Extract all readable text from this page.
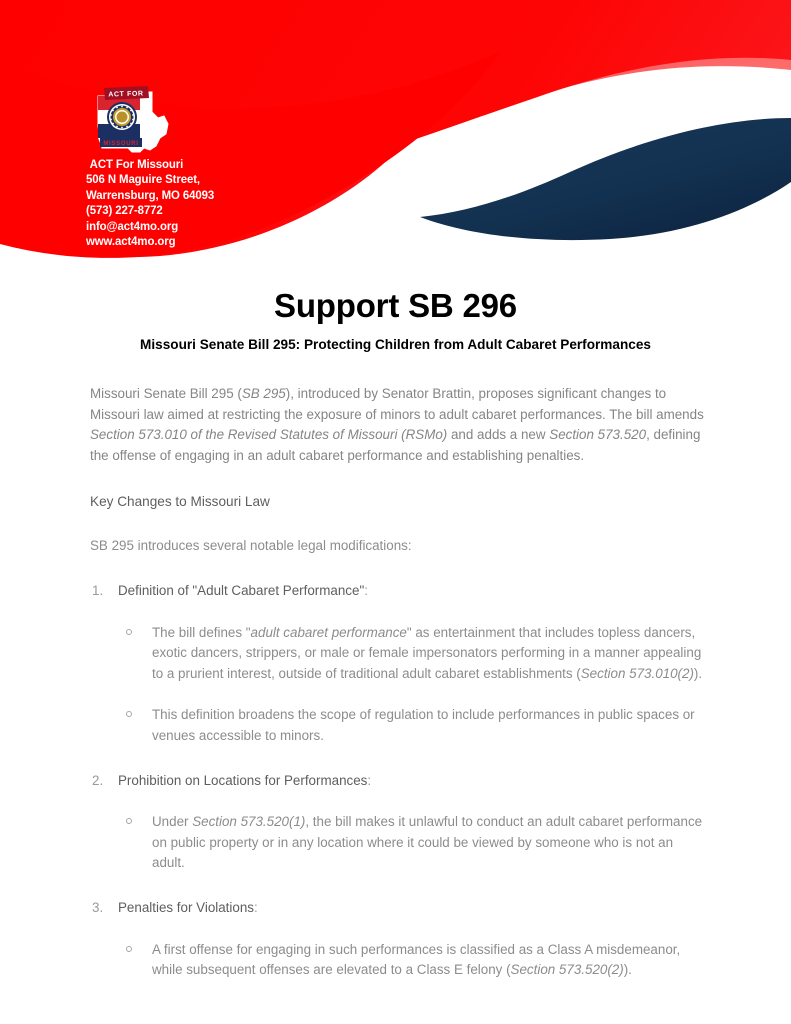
ACT FOR
MISSOURI
ACT For Missouri
506 N Maguire Street,
Warrensburg, MO 64093
(573) 227-8772
info@act4mo.org
www.act4mo.org
Support SB 296
Missouri Senate Bill 295: Protecting Children from Adult Cabaret Performances

Missouri Senate Bill 295 (SB 295), introduced by Senator Brattin, proposes significant changes to Missouri law aimed at restricting the exposure of minors to adult cabaret performances. The bill amends Section 573.010 of the Revised Statutes of Missouri (RSMo) and adds a new Section 573.520, defining the offense of engaging in an adult cabaret performance and establishing penalties.

Key Changes to Missouri Law

SB 295 introduces several notable legal modifications:

1. Definition of "Adult Cabaret Performance":
The bill defines "adult cabaret performance" as entertainment that includes topless dancers, exotic dancers, strippers, or male or female impersonators performing in a manner appealing to a prurient interest, outside of traditional adult cabaret establishments (Section 573.010(2)).
This definition broadens the scope of regulation to include performances in public spaces or venues accessible to minors.
2. Prohibition on Locations for Performances:
Under Section 573.520(1), the bill makes it unlawful to conduct an adult cabaret performance on public property or in any location where it could be viewed by someone who is not an adult.
3. Penalties for Violations:
A first offense for engaging in such performances is classified as a Class A misdemeanor, while subsequent offenses are elevated to a Class E felony (Section 573.520(2)).
